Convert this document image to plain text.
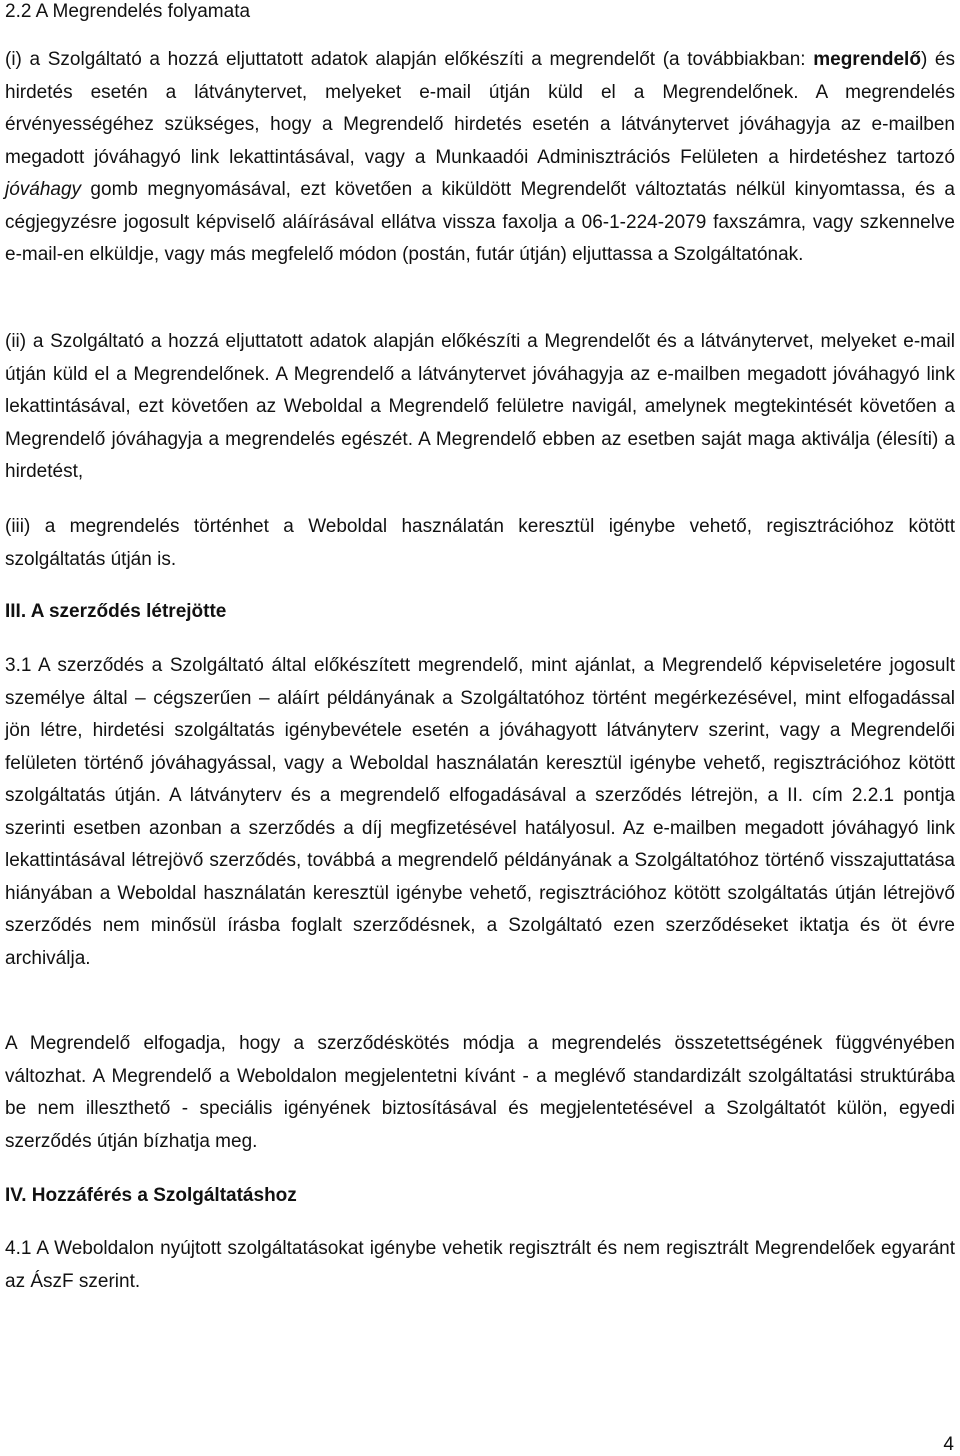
2.2 A Megrendelés folyamata

(i) a Szolgáltató a hozzá eljuttatott adatok alapján előkészíti a megrendelőt (a továbbiakban: megrendelő) és hirdetés esetén a látványtervet, melyeket e-mail útján küld el a Megrendelőnek. A megrendelés érvényességéhez szükséges, hogy a Megrendelő hirdetés esetén a látványtervet jóváhagyja az e-mailben megadott jóváhagyó link lekattintásával, vagy a Munkaadói Adminisztrációs Felületen a hirdetéshez tartozó jóváhagy gomb megnyomásával, ezt követően a kiküldött Megrendelőt változtatás nélkül kinyomtassa, és a cégjegyzésre jogosult képviselő aláírásával ellátva vissza faxolja a 06-1-224-2079 faxszámra, vagy szkennelve e-mail-en elküldje, vagy más megfelelő módon (postán, futár útján) eljuttassa a Szolgáltatónak.

(ii) a Szolgáltató a hozzá eljuttatott adatok alapján előkészíti a Megrendelőt és a látványtervet, melyeket e-mail útján küld el a Megrendelőnek. A Megrendelő a látványtervet jóváhagyja az e-mailben megadott jóváhagyó link lekattintásával, ezt követően az Weboldal a Megrendelő felületre navigál, amelynek megtekintését követően a Megrendelő jóváhagyja a megrendelés egészét. A Megrendelő ebben az esetben saját maga aktiválja (élesíti) a hirdetést,

(iii) a megrendelés történhet a Weboldal használatán keresztül igénybe vehető, regisztrációhoz kötött szolgáltatás útján is.

III. A szerződés létrejötte

3.1 A szerződés a Szolgáltató által előkészített megrendelő, mint ajánlat, a Megrendelő képviseletére jogosult személye által – cégszerűen – aláírt példányának a Szolgáltatóhoz történt megérkezésével, mint elfogadással jön létre, hirdetési szolgáltatás igénybevétele esetén a jóváhagyott látványterv szerint, vagy a Megrendelői felületen történő jóváhagyással, vagy a Weboldal használatán keresztül igénybe vehető, regisztrációhoz kötött szolgáltatás útján. A látványterv és a megrendelő elfogadásával a szerződés létrejön, a II. cím 2.2.1 pontja szerinti esetben azonban a szerződés a díj megfizetésével hatályosul. Az e-mailben megadott jóváhagyó link lekattintásával létrejövő szerződés, továbbá a megrendelő példányának a Szolgáltatóhoz történő visszajuttatása hiányában a Weboldal használatán keresztül igénybe vehető, regisztrációhoz kötött szolgáltatás útján létrejövő szerződés nem minősül írásba foglalt szerződésnek, a Szolgáltató ezen szerződéseket iktatja és öt évre archiválja.

A Megrendelő elfogadja, hogy a szerződéskötés módja a megrendelés összetettségének függvényében változhat. A Megrendelő a Weboldalon megjelentetni kívánt - a meglévő standardizált szolgáltatási struktúrába be nem illeszthető - speciális igényének biztosításával és megjelentetésével a Szolgáltatót külön, egyedi szerződés útján bízhatja meg.

IV. Hozzáférés a Szolgáltatáshoz

4.1 A Weboldalon nyújtott szolgáltatásokat igénybe vehetik regisztrált és nem regisztrált Megrendelőek egyaránt az ÁszF szerint.

4
